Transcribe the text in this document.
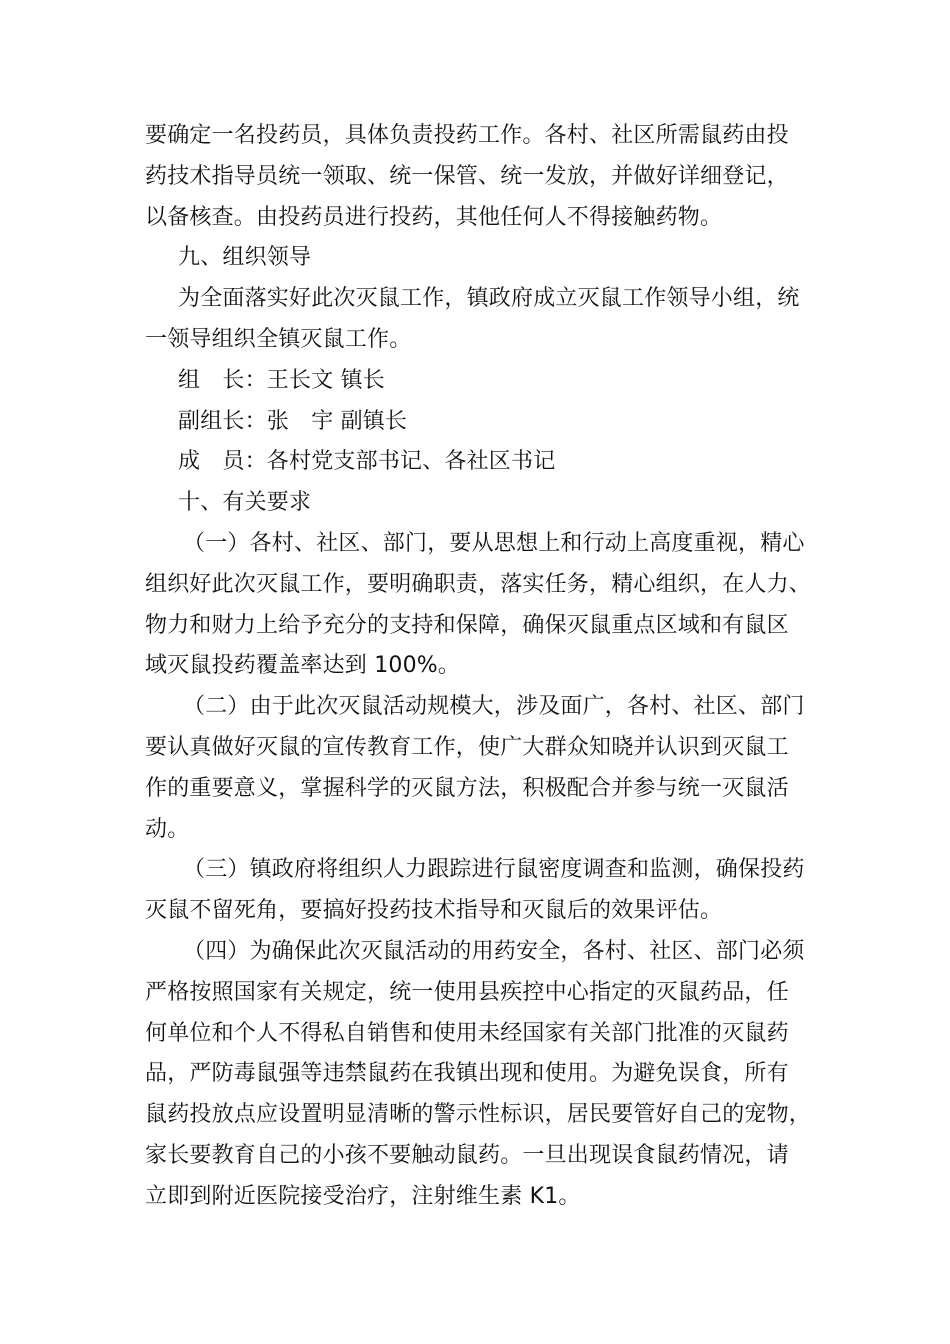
要确定一名投药员，具体负责投药工作。各村、社区所需鼠药由投
药技术指导员统一领取、统一保管、统一发放，并做好详细登记，
以备核查。由投药员进行投药，其他任何人不得接触药物。
九、组织领导
为全面落实好此次灭鼠工作，镇政府成立灭鼠工作领导小组，统
一领导组织全镇灭鼠工作。
组　长：王长文 镇长
副组长：张　宇 副镇长
成　员：各村党支部书记、各社区书记
十、有关要求
（一）各村、社区、部门，要从思想上和行动上高度重视，精心
组织好此次灭鼠工作，要明确职责，落实任务，精心组织，在人力、
物力和财力上给予充分的支持和保障，确保灭鼠重点区域和有鼠区
域灭鼠投药覆盖率达到 100%。
（二）由于此次灭鼠活动规模大，涉及面广，各村、社区、部门
要认真做好灭鼠的宣传教育工作，使广大群众知晓并认识到灭鼠工
作的重要意义，掌握科学的灭鼠方法，积极配合并参与统一灭鼠活
动。
（三）镇政府将组织人力跟踪进行鼠密度调查和监测，确保投药
灭鼠不留死角，要搞好投药技术指导和灭鼠后的效果评估。
（四）为确保此次灭鼠活动的用药安全，各村、社区、部门必须
严格按照国家有关规定，统一使用县疾控中心指定的灭鼠药品，任
何单位和个人不得私自销售和使用未经国家有关部门批准的灭鼠药
品，严防毒鼠强等违禁鼠药在我镇出现和使用。为避免误食，所有
鼠药投放点应设置明显清晰的警示性标识，居民要管好自己的宠物，
家长要教育自己的小孩不要触动鼠药。一旦出现误食鼠药情况，请
立即到附近医院接受治疗，注射维生素 K1。
